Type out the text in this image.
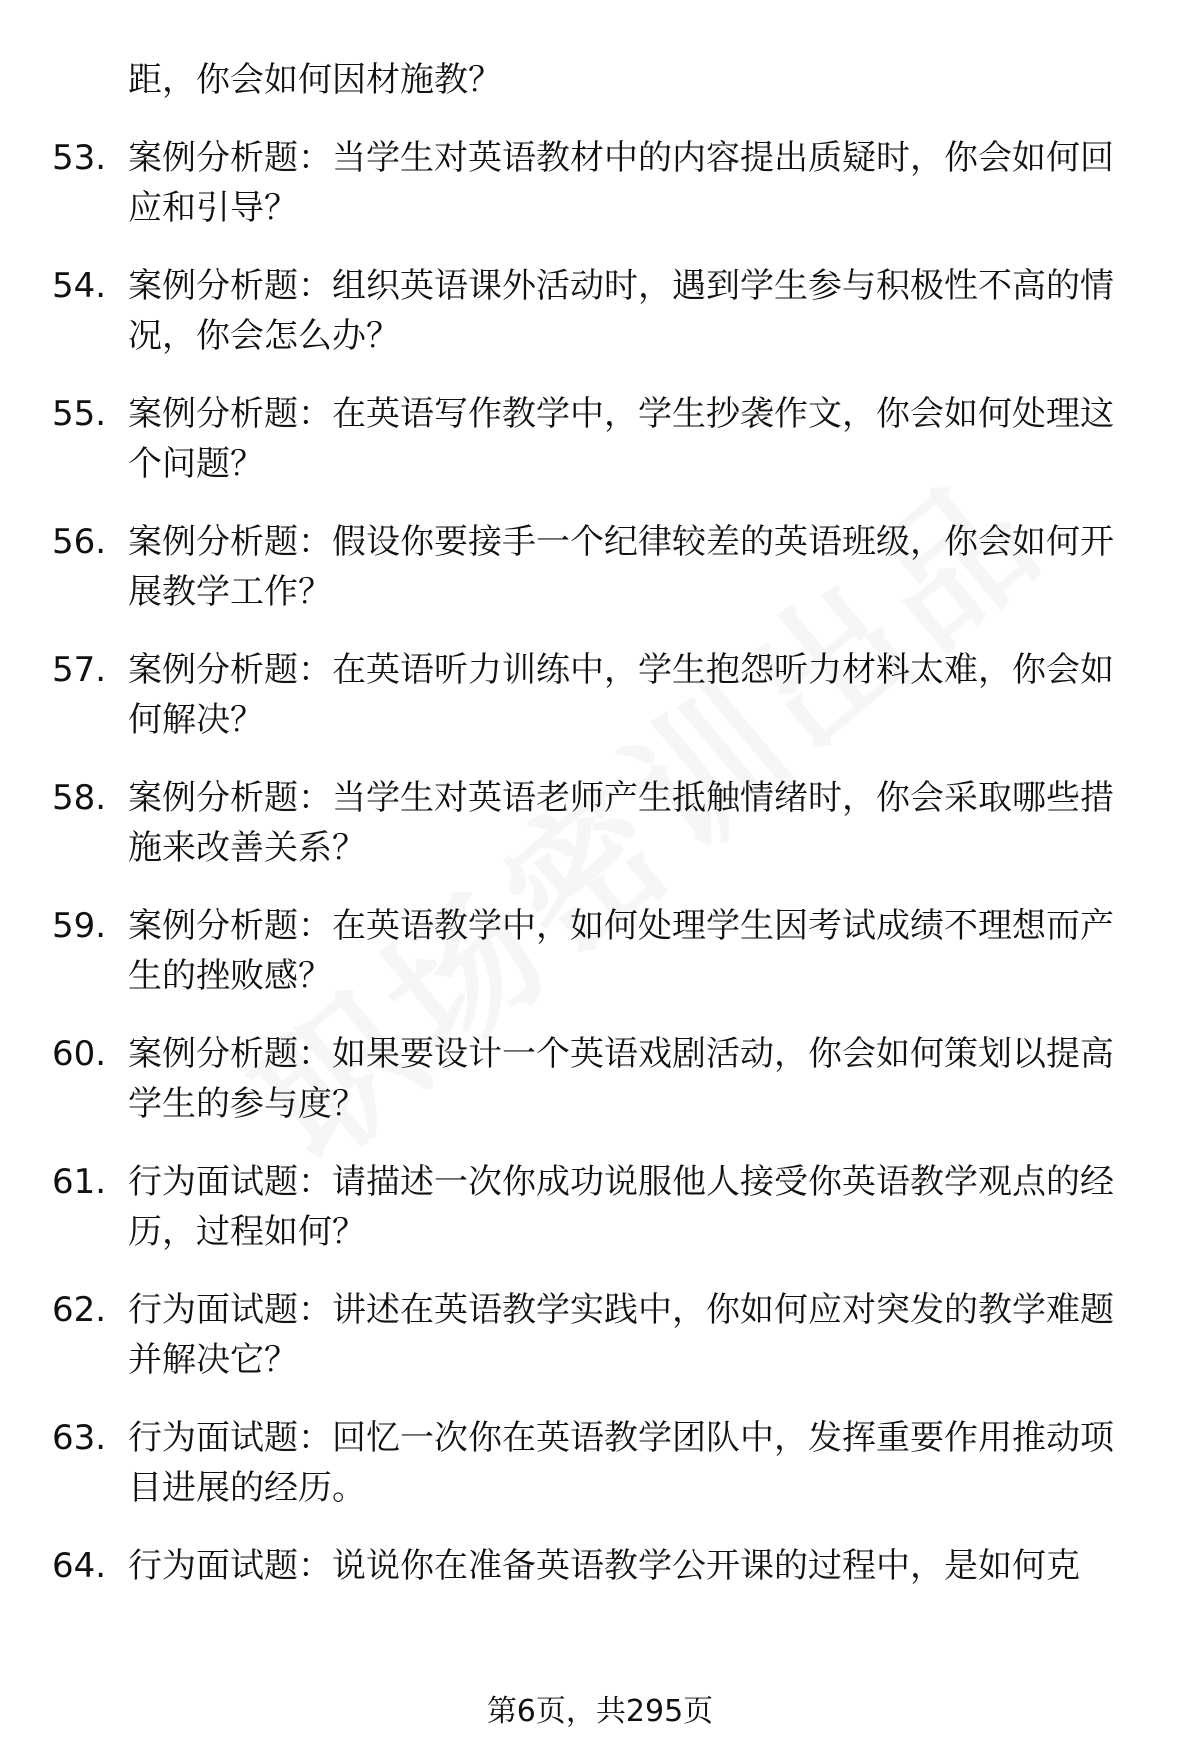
距，你会如何因材施教？
53. 案例分析题：当学生对英语教材中的内容提出质疑时，你会如何回应和引导？
54. 案例分析题：组织英语课外活动时，遇到学生参与积极性不高的情况，你会怎么办？
55. 案例分析题：在英语写作教学中，学生抄袭作文，你会如何处理这个问题？
56. 案例分析题：假设你要接手一个纪律较差的英语班级，你会如何开展教学工作？
57. 案例分析题：在英语听力训练中，学生抱怨听力材料太难，你会如何解决？
58. 案例分析题：当学生对英语老师产生抵触情绪时，你会采取哪些措施来改善关系？
59. 案例分析题：在英语教学中，如何处理学生因考试成绩不理想而产生的挫败感？
60. 案例分析题：如果要设计一个英语戏剧活动，你会如何策划以提高学生的参与度？
61. 行为面试题：请描述一次你成功说服他人接受你英语教学观点的经历，过程如何？
62. 行为面试题：讲述在英语教学实践中，你如何应对突发的教学难题并解决它？
63. 行为面试题：回忆一次你在英语教学团队中，发挥重要作用推动项目进展的经历。
64. 行为面试题：说说你在准备英语教学公开课的过程中，是如何克
第6页，共295页
